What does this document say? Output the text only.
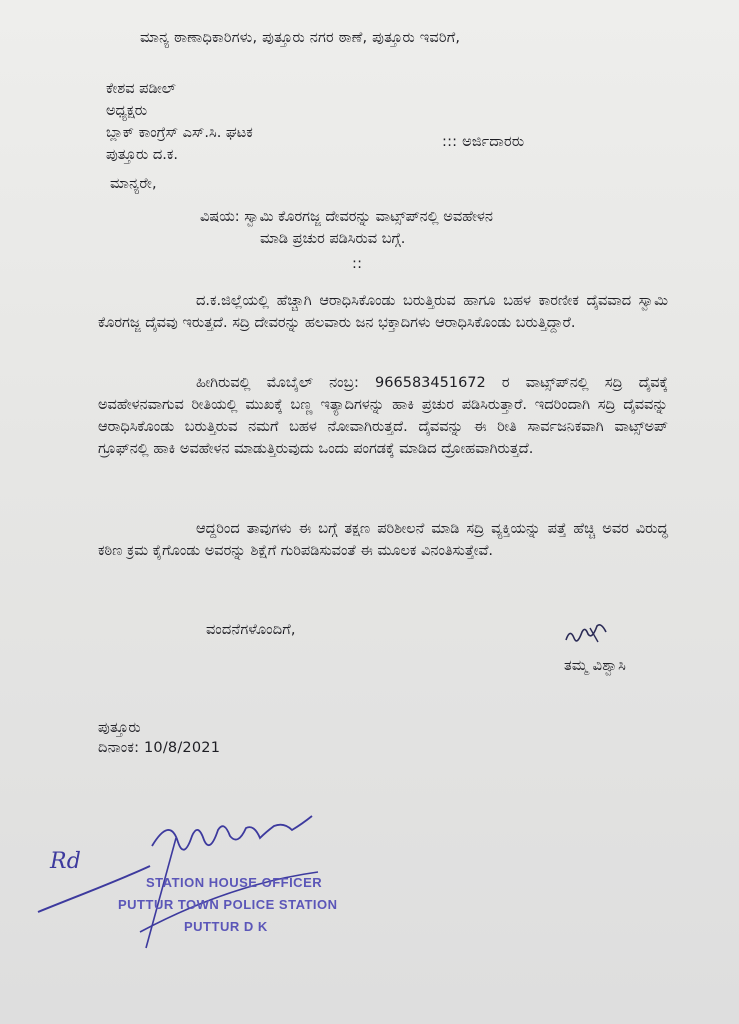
ಮಾನ್ಯ ಠಾಣಾಧಿಕಾರಿಗಳು, ಪುತ್ತೂರು ನಗರ ಠಾಣೆ, ಪುತ್ತೂರು ಇವರಿಗೆ,
ಕೇಶವ ಪಡೀಲ್
ಅಧ್ಯಕ್ಷರು
ಬ್ಲಾಕ್ ಕಾಂಗ್ರೆಸ್ ಎಸ್.ಸಿ. ಘಟಕ
ಪುತ್ತೂರು ದ.ಕ.
::: ಅರ್ಜಿದಾರರು
ಮಾನ್ಯರೇ,
ವಿಷಯ: ಸ್ವಾಮಿ ಕೊರಗಜ್ಜ ದೇವರನ್ನು ವಾಟ್ಸ್‌ಪ್‌ನಲ್ಲಿ ಅವಹೇಳನ
ಮಾಡಿ ಪ್ರಚುರ ಪಡಿಸಿರುವ ಬಗ್ಗೆ.
::
ದ.ಕ.ಜಿಲ್ಲೆಯಲ್ಲಿ ಹೆಚ್ಚಾಗಿ ಆರಾಧಿಸಿಕೊಂಡು ಬರುತ್ತಿರುವ ಹಾಗೂ ಬಹಳ ಕಾರಣೀಕ ದೈವವಾದ ಸ್ವಾಮಿ ಕೊರಗಜ್ಜ ದೈವವು ಇರುತ್ತದೆ. ಸದ್ರಿ ದೇವರನ್ನು ಹಲವಾರು ಜನ ಭಕ್ತಾದಿಗಳು ಆರಾಧಿಸಿಕೊಂಡು ಬರುತ್ತಿದ್ದಾರೆ.
ಹೀಗಿರುವಲ್ಲಿ ಮೊಬೈಲ್ ನಂಬ್ರ: 966583451672 ರ ವಾಟ್ಸ್‌ಪ್‌ನಲ್ಲಿ ಸದ್ರಿ ದೈವಕ್ಕೆ ಅವಹೇಳನವಾಗುವ ರೀತಿಯಲ್ಲಿ ಮುಖಕ್ಕೆ ಬಣ್ಣ ಇತ್ಯಾದಿಗಳನ್ನು ಹಾಕಿ ಪ್ರಚುರ ಪಡಿಸಿರುತ್ತಾರೆ. ಇದರಿಂದಾಗಿ ಸದ್ರಿ ದೈವವನ್ನು ಆರಾಧಿಸಿಕೊಂಡು ಬರುತ್ತಿರುವ ನಮಗೆ ಬಹಳ ನೋವಾಗಿರುತ್ತದೆ. ದೈವವನ್ನು ಈ ರೀತಿ ಸಾರ್ವಜನಿಕವಾಗಿ ವಾಟ್ಸ್‌ಅಪ್ ಗ್ರೂಫ್‌ನಲ್ಲಿ ಹಾಕಿ ಅವಹೇಳನ ಮಾಡುತ್ತಿರುವುದು ಒಂದು ಪಂಗಡಕ್ಕೆ ಮಾಡಿದ ದ್ರೋಹವಾಗಿರುತ್ತದೆ.
ಆದ್ದರಿಂದ ತಾವುಗಳು ಈ ಬಗ್ಗೆ ತಕ್ಷಣ ಪರಿಶೀಲನೆ ಮಾಡಿ ಸದ್ರಿ ವ್ಯಕ್ತಿಯನ್ನು ಪತ್ತೆ ಹೆಚ್ಚಿ ಅವರ ವಿರುದ್ಧ ಕಠಿಣ ಕ್ರಮ ಕೈಗೊಂಡು ಅವರನ್ನು ಶಿಕ್ಷೆಗೆ ಗುರಿಪಡಿಸುವಂತೆ ಈ ಮೂಲಕ ವಿನಂತಿಸುತ್ತೇವೆ.
ವಂದನೆಗಳೊಂದಿಗೆ,
ತಮ್ಮ ವಿಶ್ವಾಸಿ
ಪುತ್ತೂರು
ದಿನಾಂಕ: 10/8/2021
Rd
STATION HOUSE OFFICER
PUTTUR TOWN POLICE STATION
PUTTUR D K
